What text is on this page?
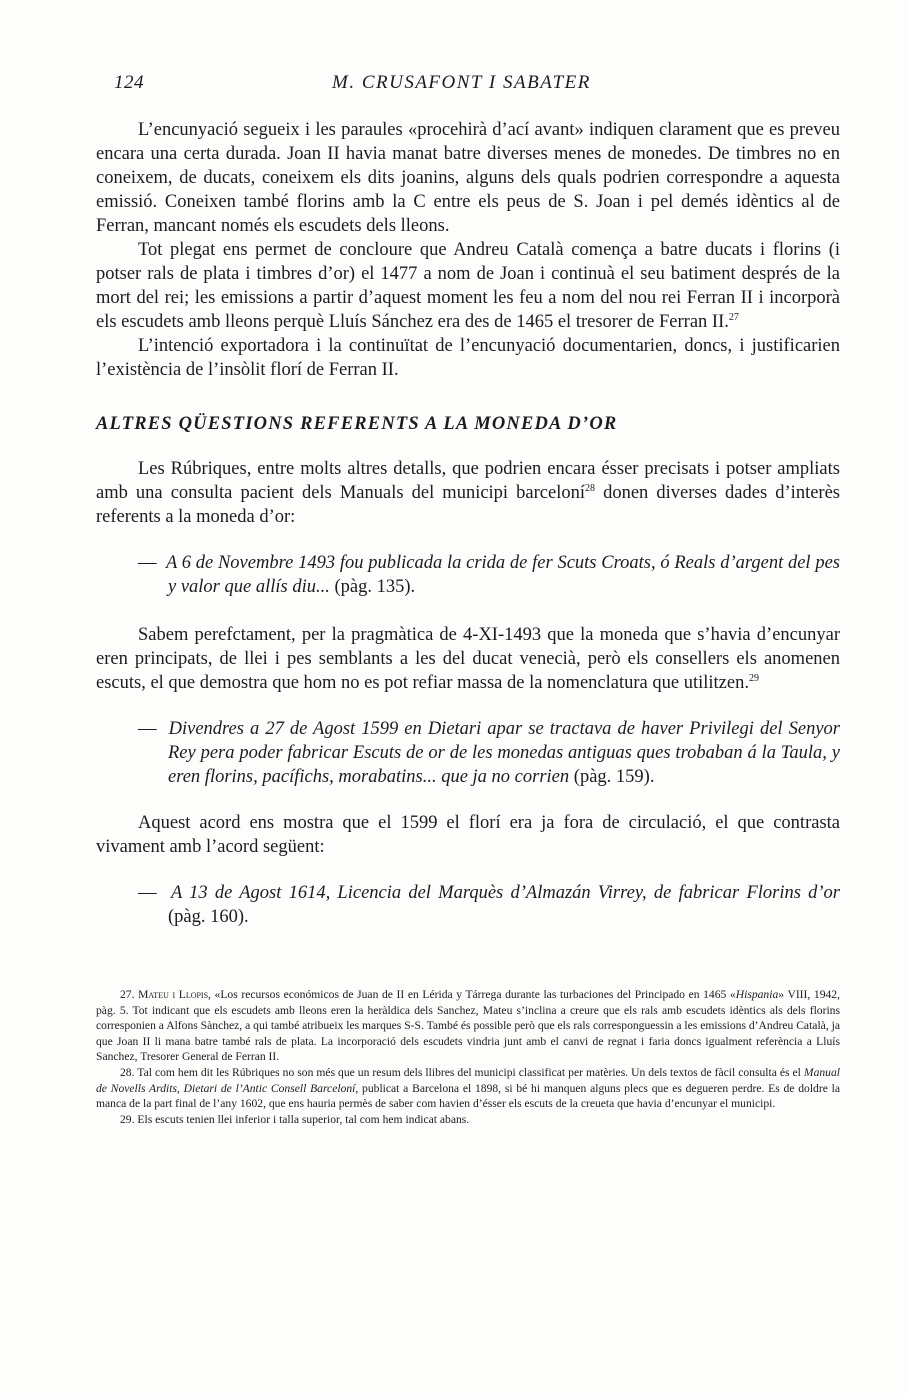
124	M. CRUSAFONT I SABATER

L’encunyació segueix i les paraules «procehirà d’ací avant» indiquen clarament que es preveu encara una certa durada. Joan II havia manat batre diverses menes de monedes. De timbres no en coneixem, de ducats, coneixem els dits joanins, alguns dels quals podrien correspondre a aquesta emissió. Coneixen també florins amb la C entre els peus de S. Joan i pel demés idèntics al de Ferran, mancant només els escudets dels lleons.

Tot plegat ens permet de concloure que Andreu Català comença a batre ducats i florins (i potser rals de plata i timbres d’or) el 1477 a nom de Joan i continuà el seu batiment després de la mort del rei; les emissions a partir d’aquest moment les feu a nom del nou rei Ferran II i incorporà els escudets amb lleons perquè Lluís Sánchez era des de 1465 el tresorer de Ferran II.$^{27}$

L’intenció exportadora i la continuïtat de l’encunyació documentarien, doncs, i justificarien l’existència de l’insòlit florí de Ferran II.

ALTRES QÜESTIONS REFERENTS A LA MONEDA D’OR

Les Rúbriques, entre molts altres detalls, que podrien encara ésser precisats i potser ampliats amb una consulta pacient dels Manuals del municipi barceloní$^{28}$ donen diverses dades d’interès referents a la moneda d’or:

— A 6 de Novembre 1493 fou publicada la crida de fer Scuts Croats, ó Reals d’argent del pes y valor que allís diu... (pàg. 135).

Sabem perefctament, per la pragmàtica de 4-XI-1493 que la moneda que s’havia d’encunyar eren principats, de llei i pes semblants a les del ducat venecià, però els consellers els anomenen escuts, el que demostra que hom no es pot refiar massa de la nomenclatura que utilitzen.$^{29}$

— Divendres a 27 de Agost 1599 en Dietari apar se tractava de haver Privilegi del Senyor Rey pera poder fabricar Escuts de or de les monedas antiguas ques trobaban á la Taula, y eren florins, pacífichs, morabatins... que ja no corrien (pàg. 159).

Aquest acord ens mostra que el 1599 el florí era ja fora de circulació, el que contrasta vivament amb l’acord següent:

— A 13 de Agost 1614, Licencia del Marquès d’Almazán Virrey, de fabricar Florins d’or (pàg. 160).

27. Mateu i Llopis, «Los recursos económicos de Juan de II en Lérida y Tárrega durante las turbaciones del Principado en 1465 «Hispania» VIII, 1942, pàg. 5. Tot indicant que els escudets amb lleons eren la heràldica dels Sanchez, Mateu s’inclina a creure que els rals amb escudets idèntics als dels florins corresponien a Alfons Sànchez, a qui també atribueix les marques S-S. També és possible però que els rals corresponguessin a les emissions d’Andreu Català, ja que Joan II li mana batre també rals de plata. La incorporació dels escudets vindria junt amb el canvi de regnat i faria doncs igualment referència a Lluís Sanchez, Tresorer General de Ferran II.

28. Tal com hem dit les Rúbriques no son més que un resum dels llibres del municipi classificat per matèries. Un dels textos de fàcil consulta és el Manual de Novells Ardits, Dietari de l’Antic Consell Barceloní, publicat a Barcelona el 1898, si bé hi manquen alguns plecs que es degueren perdre. Es de doldre la manca de la part final de l’any 1602, que ens hauria permès de saber com havien d’ésser els escuts de la creueta que havia d’encunyar el municipi.

29. Els escuts tenien llei inferior i talla superior, tal com hem indicat abans.
